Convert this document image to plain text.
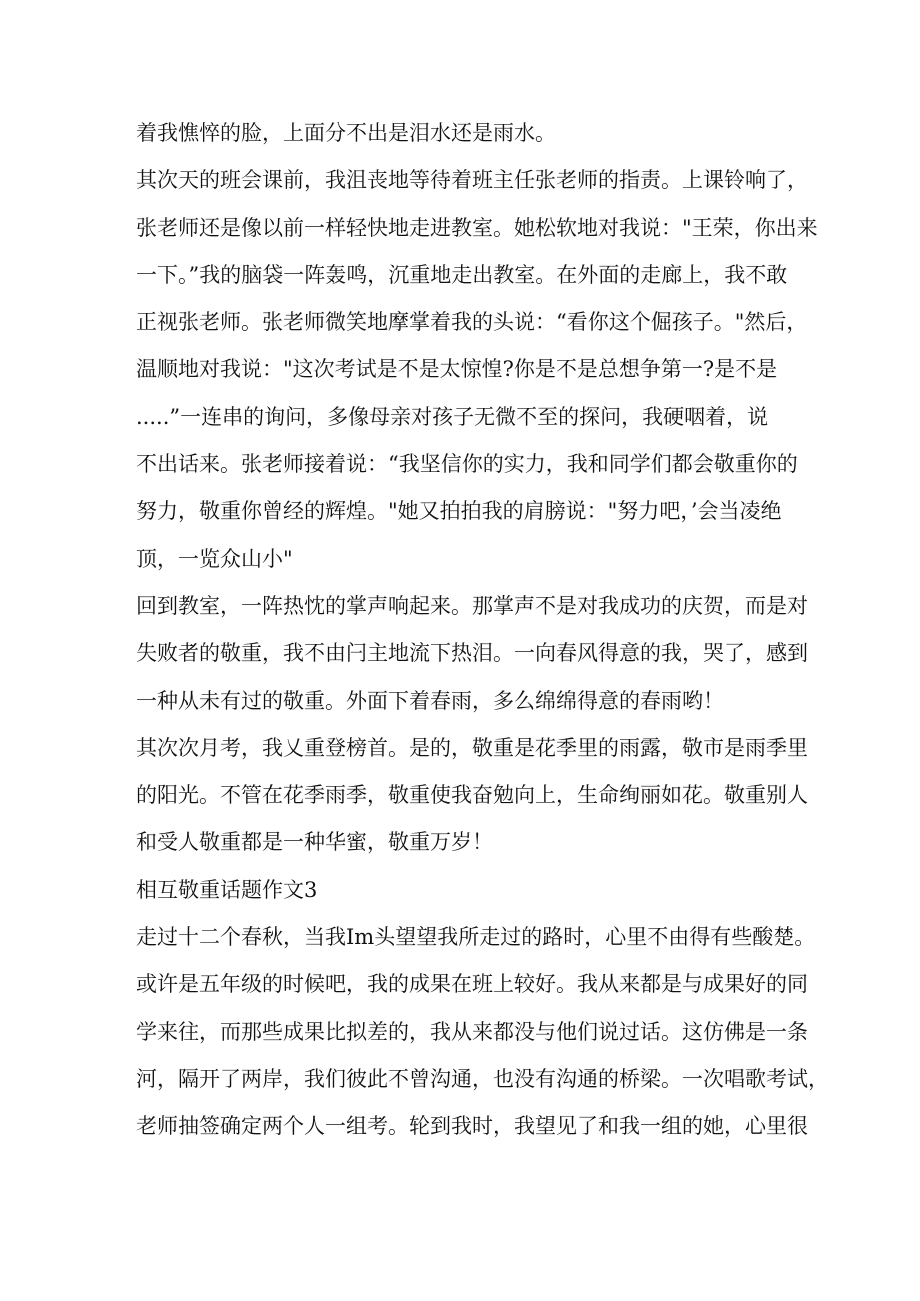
着我憔悴的脸，上面分不出是泪水还是雨水。
其次天的班会课前，我沮丧地等待着班主任张老师的指责。上课铃响了，
张老师还是像以前一样轻快地走进教室。她松软地对我说："王荣，你出来
一下。”我的脑袋一阵轰鸣，沉重地走出教室。在外面的走廊上，我不敢
正视张老师。张老师微笑地摩掌着我的头说：“看你这个倔孩子。"然后，
温顺地对我说："这次考试是不是太惊惶?你是不是总想争第一?是不是
.....”一连串的询问，多像母亲对孩子无微不至的探问，我硬咽着，说
不出话来。张老师接着说：“我坚信你的实力，我和同学们都会敬重你的
努力，敬重你曾经的辉煌。"她又拍拍我的肩膀说："努力吧，’会当凌绝
顶，一览众山小"
回到教室，一阵热忱的掌声响起来。那掌声不是对我成功的庆贺，而是对
失败者的敬重，我不由闩主地流下热泪。一向春风得意的我，哭了，感到
一种从未有过的敬重。外面下着春雨，多么绵绵得意的春雨哟！
其次次月考，我乂重登榜首。是的，敬重是花季里的雨露，敬市是雨季里
的阳光。不管在花季雨季，敬重使我奋勉向上，生命绚丽如花。敬重别人
和受人敬重都是一种华蜜，敬重万岁！
相互敬重话题作文3
走过十二个春秋，当我Im头望望我所走过的路时，心里不由得有些酸楚。
或许是五年级的时候吧，我的成果在班上较好。我从来都是与成果好的同
学来往，而那些成果比拟差的，我从来都没与他们说过话。这仿佛是一条
河，隔开了两岸，我们彼此不曾沟通，也没有沟通的桥梁。一次唱歌考试，
老师抽签确定两个人一组考。轮到我时，我望见了和我一组的她，心里很
